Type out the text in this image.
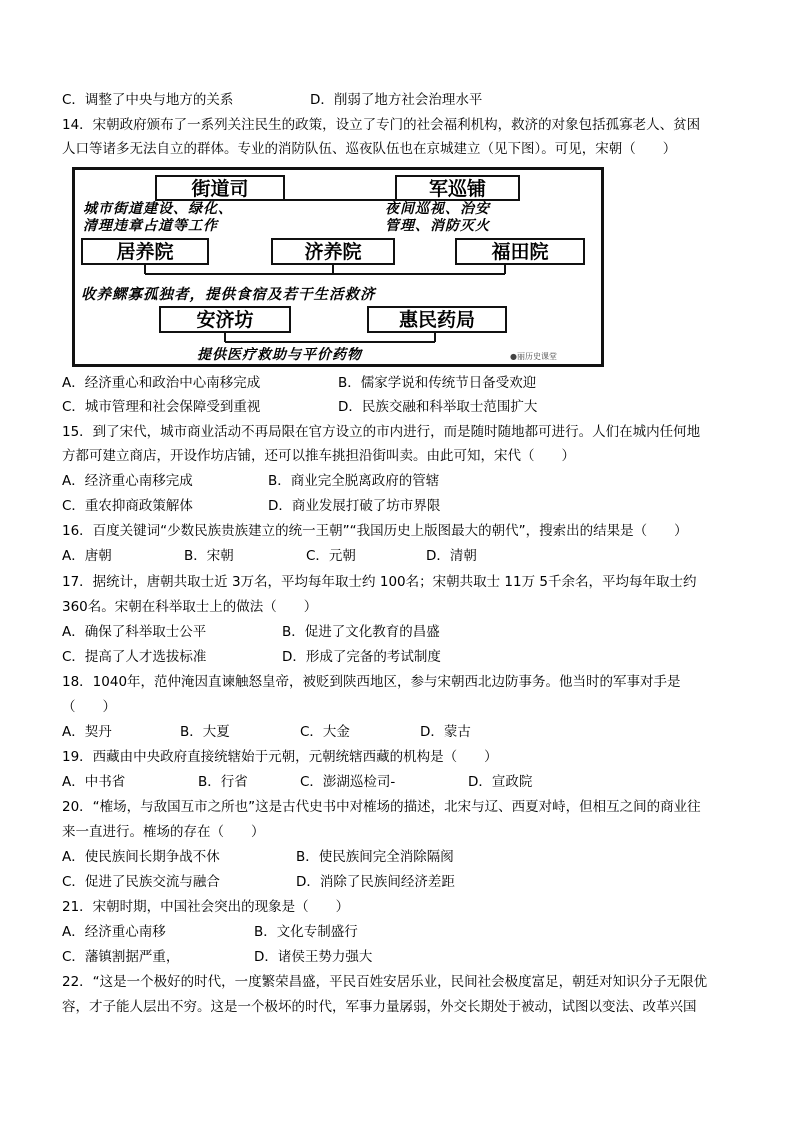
C．调整了中央与地方的关系	D．削弱了地方社会治理水平
14．宋朝政府颁布了一系列关注民生的政策，设立了专门的社会福利机构，救济的对象包括孤寡老人、贫困
人口等诸多无法自立的群体。专业的消防队伍、巡夜队伍也在京城建立（见下图）。可见，宋朝（　　）
街道司	军巡铺
城市街道建设、绿化、
清理违章占道等工作
夜间巡视、治安
管理、消防灭火
居养院	济养院	福田院
收养鳏寡孤独者，提供食宿及若干生活救济
安济坊	惠民药局
提供医疗救助与平价药物	●丽历史课堂
A．经济重心和政治中心南移完成	B．儒家学说和传统节日备受欢迎
C．城市管理和社会保障受到重视	D．民族交融和科举取士范围扩大
15．到了宋代，城市商业活动不再局限在官方设立的市内进行，而是随时随地都可进行。人们在城内任何地
方都可建立商店，开设作坊店铺，还可以推车挑担沿街叫卖。由此可知，宋代（　　）
A．经济重心南移完成	B．商业完全脱离政府的管辖
C．重农抑商政策解体	D．商业发展打破了坊市界限
16．百度关键词“少数民族贵族建立的统一王朝”“我国历史上版图最大的朝代”，搜索出的结果是（　　）
A．唐朝	B．宋朝	C．元朝	D．清朝
17．据统计，唐朝共取士近 3万名，平均每年取士约 100名；宋朝共取士 11万 5千余名，平均每年取士约
360名。宋朝在科举取士上的做法（　　）
A．确保了科举取士公平	B．促进了文化教育的昌盛
C．提高了人才选拔标准	D．形成了完备的考试制度
18．1040年，范仲淹因直谏触怒皇帝，被贬到陕西地区，参与宋朝西北边防事务。他当时的军事对手是
（　　）
A．契丹	B．大夏	C．大金	D．蒙古
19．西藏由中央政府直接统辖始于元朝，元朝统辖西藏的机构是（　　）
A．中书省	B．行省	C．澎湖巡检司-	D．宣政院
20．“榷场，与敌国互市之所也”这是古代史书中对榷场的描述，北宋与辽、西夏对峙，但相互之间的商业往
来一直进行。榷场的存在（　　）
A．使民族间长期争战不休	B．使民族间完全消除隔阂
C．促进了民族交流与融合	D．消除了民族间经济差距
21．宋朝时期，中国社会突出的现象是（　　）
A．经济重心南移	B．文化专制盛行
C．藩镇割据严重，	D．诸侯王势力强大
22．“这是一个极好的时代，一度繁荣昌盛，平民百姓安居乐业，民间社会极度富足，朝廷对知识分子无限优
容，才子能人层出不穷。这是一个极坏的时代，军事力量孱弱，外交长期处于被动，试图以变法、改革兴国
